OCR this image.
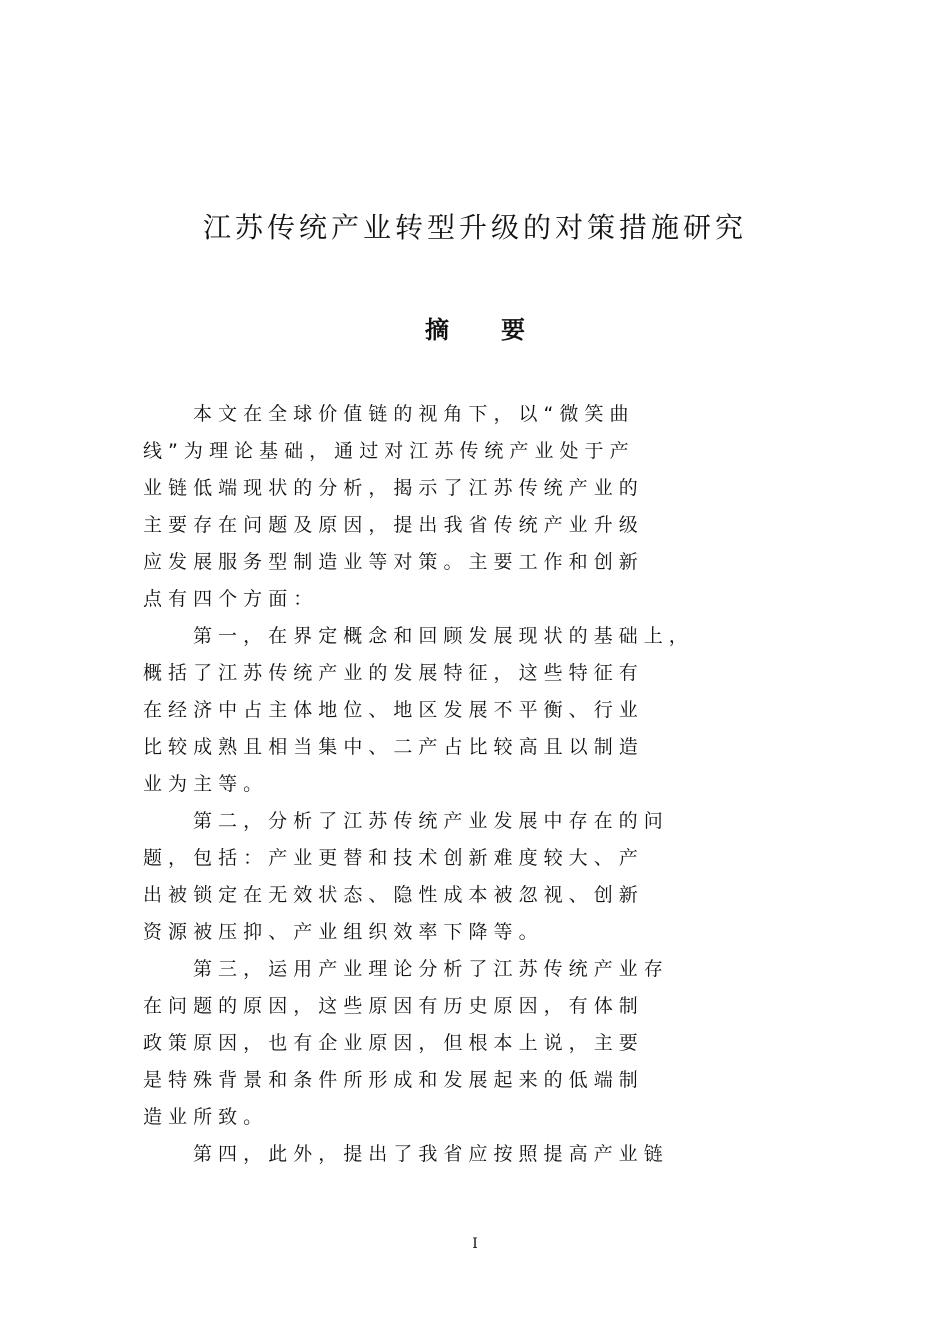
江苏传统产业转型升级的对策措施研究
摘 要
本 文 在 全 球 价 值 链 的 视 角 下 ， 以 “ 微 笑 曲
线 ” 为 理 论 基 础 ， 通 过 对 江 苏 传 统 产 业 处 于 产
业 链 低 端 现 状 的 分 析 ， 揭 示 了 江 苏 传 统 产 业 的
主 要 存 在 问 题 及 原 因 ， 提 出 我 省 传 统 产 业 升 级
应 发 展 服 务 型 制 造 业 等 对 策 。 主 要 工 作 和 创 新
点 有 四 个 方 面 ：
第 一 ， 在 界 定 概 念 和 回 顾 发 展 现 状 的 基 础 上 ，
概 括 了 江 苏 传 统 产 业 的 发 展 特 征 ， 这 些 特 征 有
在 经 济 中 占 主 体 地 位 、 地 区 发 展 不 平 衡 、 行 业
比 较 成 熟 且 相 当 集 中 、 二 产 占 比 较 高 且 以 制 造
业 为 主 等 。
第 二 ， 分 析 了 江 苏 传 统 产 业 发 展 中 存 在 的 问
题 ， 包 括 ： 产 业 更 替 和 技 术 创 新 难 度 较 大 、 产
出 被 锁 定 在 无 效 状 态 、 隐 性 成 本 被 忽 视 、 创 新
资 源 被 压 抑 、 产 业 组 织 效 率 下 降 等 。
第 三 ， 运 用 产 业 理 论 分 析 了 江 苏 传 统 产 业 存
在 问 题 的 原 因 ， 这 些 原 因 有 历 史 原 因 ， 有 体 制
政 策 原 因 ， 也 有 企 业 原 因 ， 但 根 本 上 说 ， 主 要
是 特 殊 背 景 和 条 件 所 形 成 和 发 展 起 来 的 低 端 制
造 业 所 致 。
第 四 ， 此 外 ， 提 出 了 我 省 应 按 照 提 高 产 业 链
I
